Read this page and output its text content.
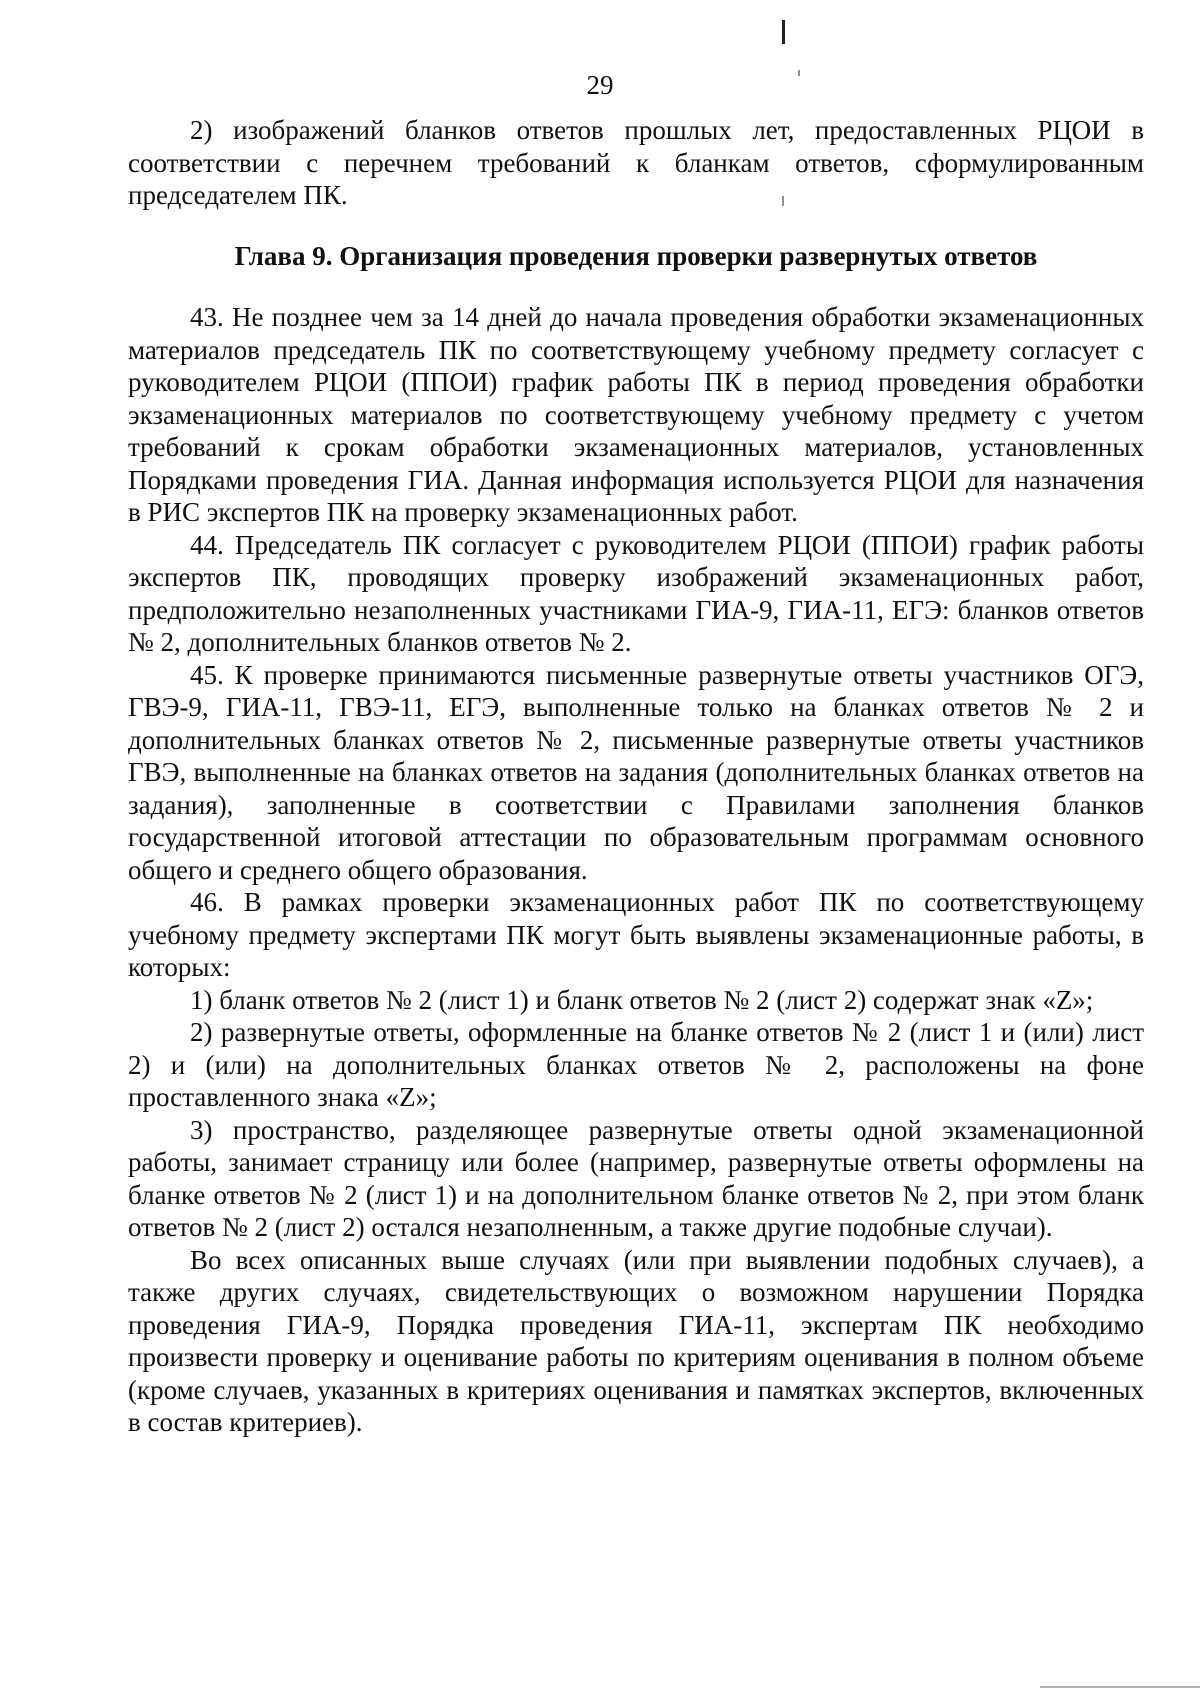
29

2) изображений бланков ответов прошлых лет, предоставленных РЦОИ в соответствии с перечнем требований к бланкам ответов, сформулированным председателем ПК.

Глава 9. Организация проведения проверки развернутых ответов

43. Не позднее чем за 14 дней до начала проведения обработки экзаменационных материалов председатель ПК по соответствующему учебному предмету согласует с руководителем РЦОИ (ППОИ) график работы ПК в период проведения обработки экзаменационных материалов по соответствующему учебному предмету с учетом требований к срокам обработки экзаменационных материалов, установленных Порядками проведения ГИА. Данная информация используется РЦОИ для назначения в РИС экспертов ПК на проверку экзаменационных работ.

44. Председатель ПК согласует с руководителем РЦОИ (ППОИ) график работы экспертов ПК, проводящих проверку изображений экзаменационных работ, предположительно незаполненных участниками ГИА-9, ГИА-11, ЕГЭ: бланков ответов № 2, дополнительных бланков ответов № 2.

45. К проверке принимаются письменные развернутые ответы участников ОГЭ, ГВЭ-9, ГИА-11, ГВЭ-11, ЕГЭ, выполненные только на бланках ответов № 2 и дополнительных бланках ответов № 2, письменные развернутые ответы участников ГВЭ, выполненные на бланках ответов на задания (дополнительных бланках ответов на задания), заполненные в соответствии с Правилами заполнения бланков государственной итоговой аттестации по образовательным программам основного общего и среднего общего образования.

46. В рамках проверки экзаменационных работ ПК по соответствующему учебному предмету экспертами ПК могут быть выявлены экзаменационные работы, в которых:

1) бланк ответов № 2 (лист 1) и бланк ответов № 2 (лист 2) содержат знак «Z»;

2) развернутые ответы, оформленные на бланке ответов № 2 (лист 1 и (или) лист 2) и (или) на дополнительных бланках ответов № 2, расположены на фоне проставленного знака «Z»;

3) пространство, разделяющее развернутые ответы одной экзаменационной работы, занимает страницу или более (например, развернутые ответы оформлены на бланке ответов № 2 (лист 1) и на дополнительном бланке ответов № 2, при этом бланк ответов № 2 (лист 2) остался незаполненным, а также другие подобные случаи).

Во всех описанных выше случаях (или при выявлении подобных случаев), а также других случаях, свидетельствующих о возможном нарушении Порядка проведения ГИА-9, Порядка проведения ГИА-11, экспертам ПК необходимо произвести проверку и оценивание работы по критериям оценивания в полном объеме (кроме случаев, указанных в критериях оценивания и памятках экспертов, включенных в состав критериев).
